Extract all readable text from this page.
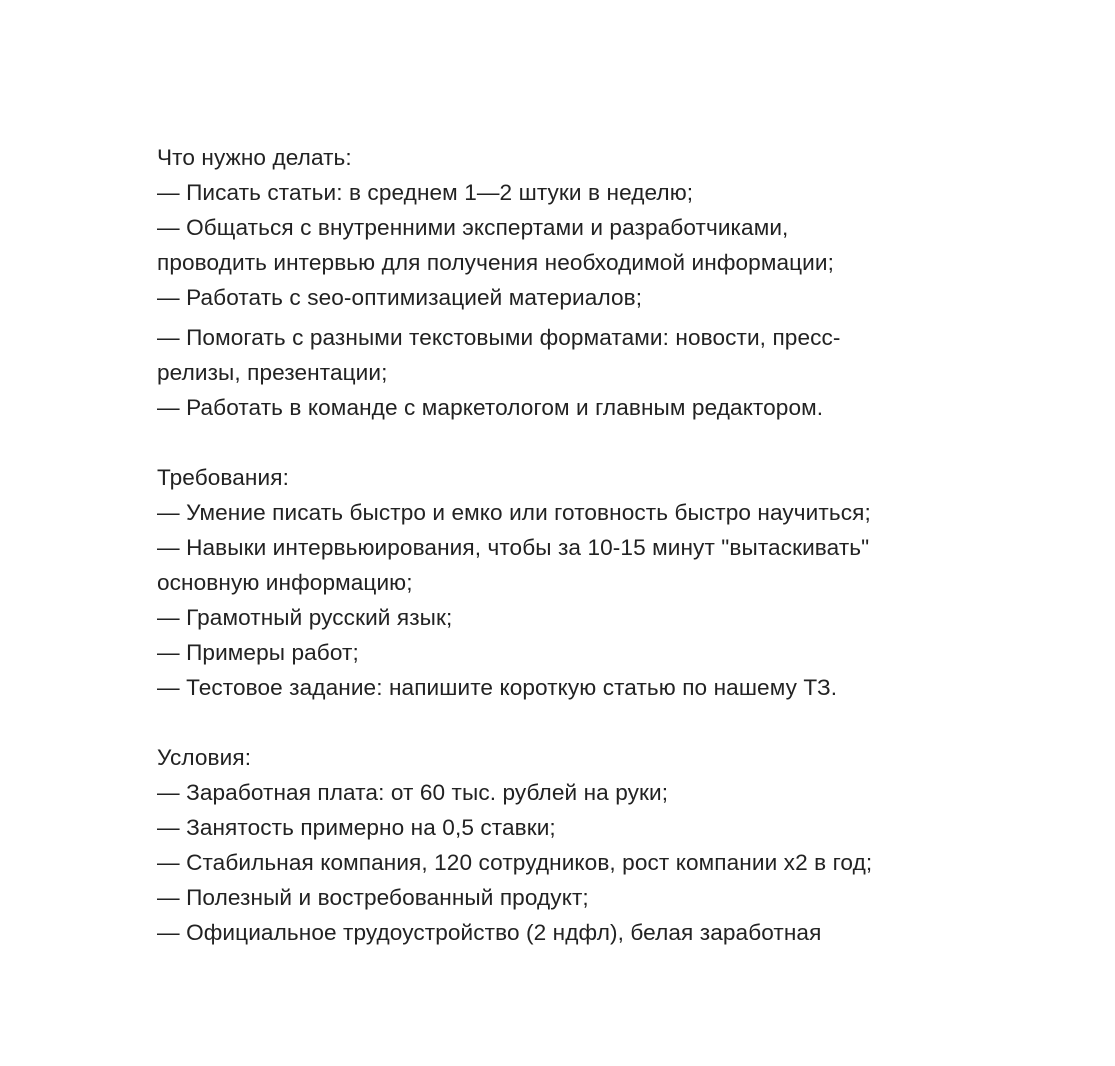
Что нужно делать:
— Писать статьи: в среднем 1—2 штуки в неделю;
— Общаться с внутренними экспертами и разработчиками,
проводить интервью для получения необходимой информации;
— Работать с seo-оптимизацией материалов;
— Помогать с разными текстовыми форматами: новости, пресс-
релизы, презентации;
— Работать в команде с маркетологом и главным редактором.
Требования:
— Умение писать быстро и емко или готовность быстро научиться;
— Навыки интервьюирования, чтобы за 10-15 минут "вытаскивать"
основную информацию;
— Грамотный русский язык;
— Примеры работ;
— Тестовое задание: напишите короткую статью по нашему ТЗ.
Условия:
— Заработная плата: от 60 тыс. рублей на руки;
— Занятость примерно на 0,5 ставки;
— Стабильная компания, 120 сотрудников, рост компании х2 в год;
— Полезный и востребованный продукт;
— Официальное трудоустройство (2 ндфл), белая заработная
